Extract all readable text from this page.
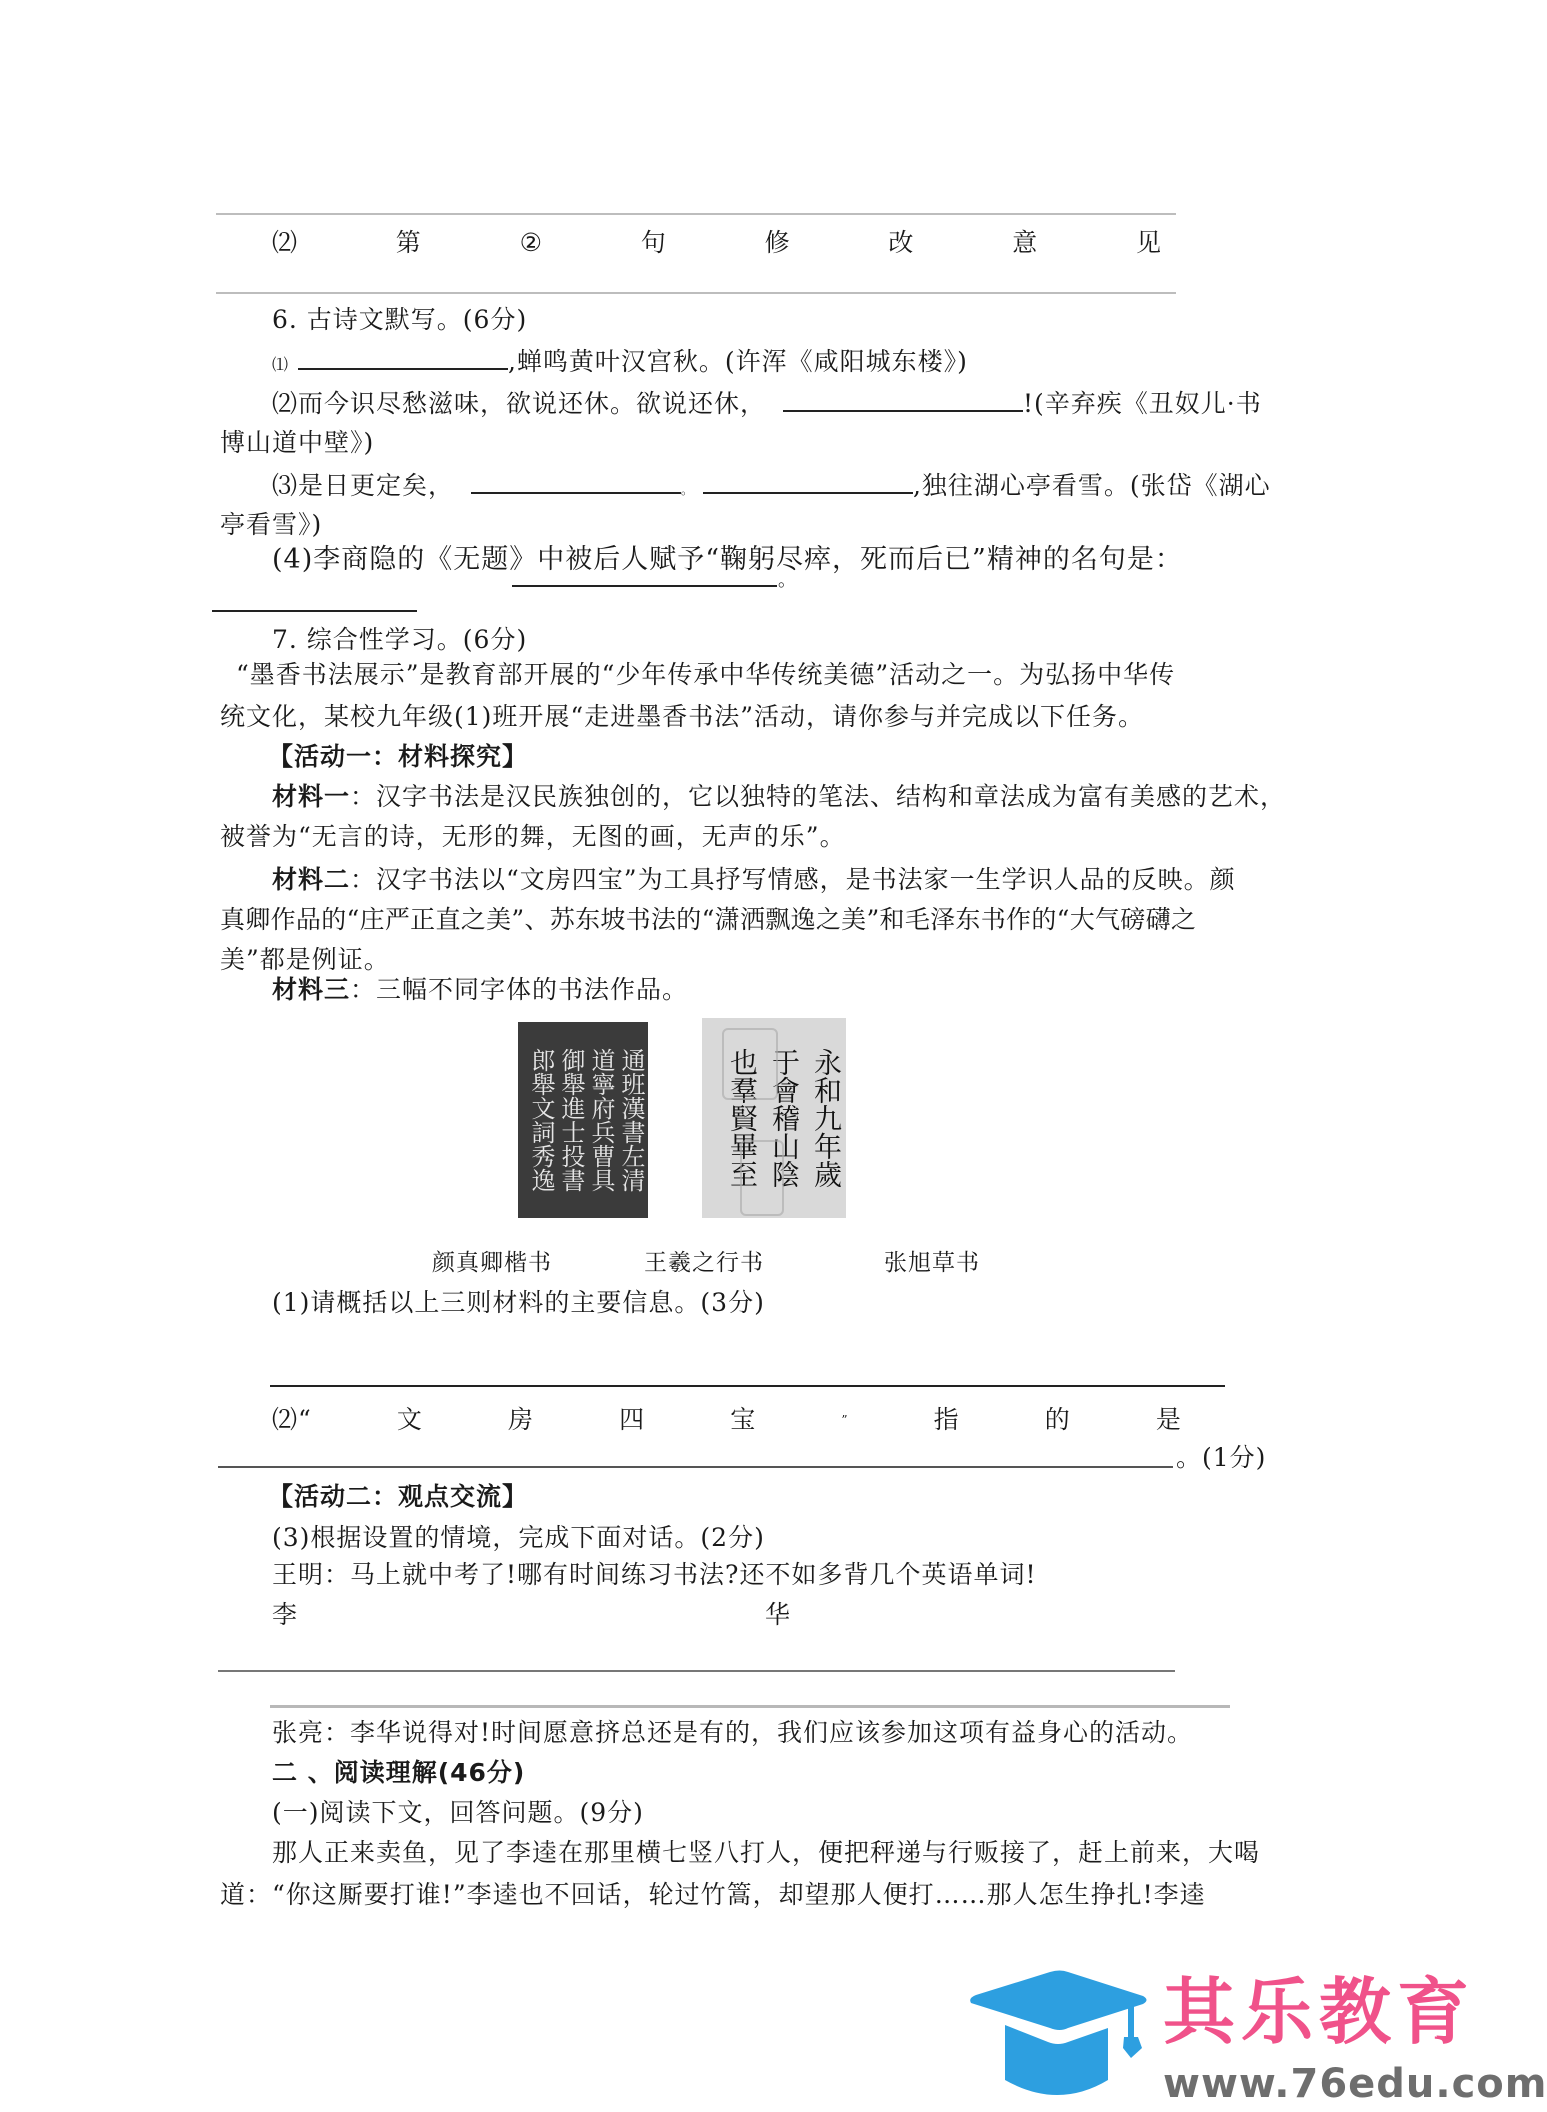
⑵	第	②	句	修	改	意	见
6. 古诗文默写。(6分)
⑴	,蝉鸣黄叶汉宫秋。(许浑《咸阳城东楼》)
⑵而今识尽愁滋味，欲说还休。欲说还休，	!(辛弃疾《丑奴儿·书
博山道中壁》)
⑶是日更定矣，	。	,独往湖心亭看雪。(张岱《湖心
亭看雪》)
(4)李商隐的《无题》中被后人赋予“鞠躬尽瘁，死而后已”精神的名句是：
。
7. 综合性学习。(6分)
“墨香书法展示”是教育部开展的“少年传承中华传统美德”活动之一。为弘扬中华传
统文化，某校九年级(1)班开展“走进墨香书法”活动，请你参与并完成以下任务。
【活动一：材料探究】
材料一：汉字书法是汉民族独创的，它以独特的笔法、结构和章法成为富有美感的艺术，
被誉为“无言的诗，无形的舞，无图的画，无声的乐”。
材料二：汉字书法以“文房四宝”为工具抒写情感，是书法家一生学识人品的反映。颜
真卿作品的“庄严正直之美”、苏东坡书法的“潇洒飘逸之美”和毛泽东书作的“大气磅礴之
美”都是例证。
材料三：三幅不同字体的书法作品。
通班漢書左清
道寧府兵曹具
御舉進士投書
郎舉文詞秀逸	永和九年歲
于會稽山陰
也羣賢畢至
颜真卿楷书	王羲之行书	张旭草书
(1)请概括以上三则材料的主要信息。(3分)
⑵“	文	房	四	宝	”	指	的	是
。(1分)
【活动二：观点交流】
(3)根据设置的情境，完成下面对话。(2分)
王明：马上就中考了!哪有时间练习书法?还不如多背几个英语单词!
李	华
张亮：李华说得对!时间愿意挤总还是有的，我们应该参加这项有益身心的活动。
二 、阅读理解(46分)
(一)阅读下文，回答问题。(9分)
那人正来卖鱼，见了李逵在那里横七竖八打人，便把秤递与行贩接了，赶上前来，大喝
道：“你这厮要打谁!”李逵也不回话，轮过竹篙，却望那人便打……那人怎生挣扎!李逵
其乐教育
www.76edu.com
